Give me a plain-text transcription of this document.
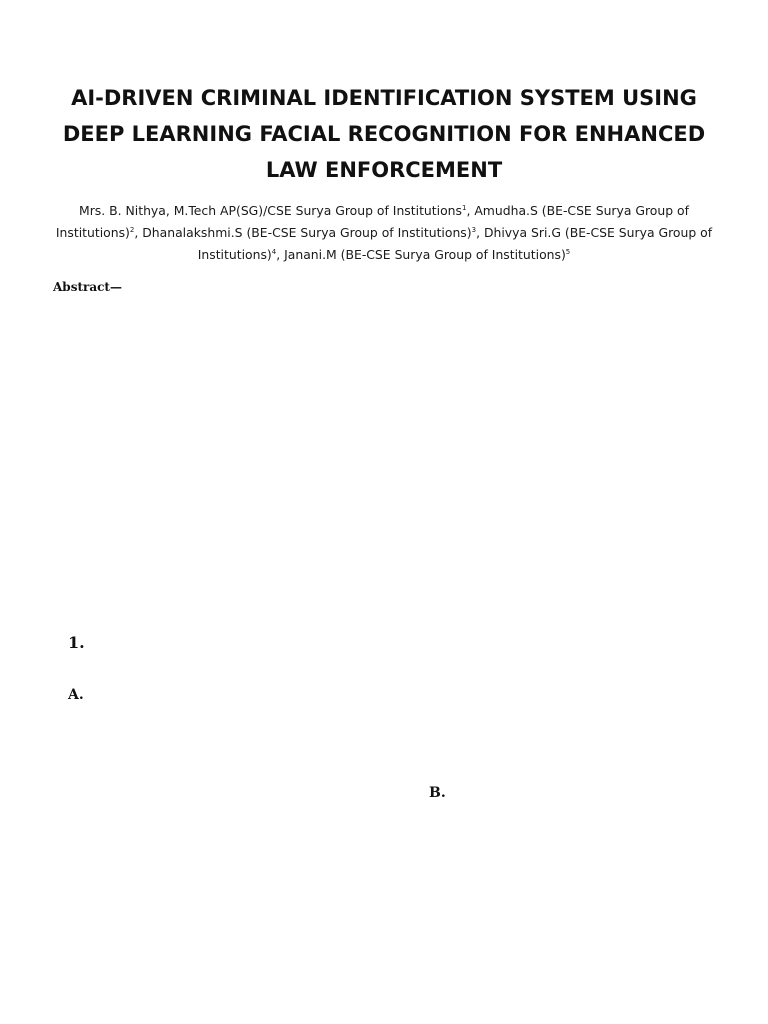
AI-DRIVEN CRIMINAL IDENTIFICATION SYSTEM USING DEEP LEARNING FACIAL RECOGNITION FOR ENHANCED LAW ENFORCEMENT

Mrs. B. Nithya, M.Tech AP(SG)/CSE Surya Group of Institutions$^1$, Amudha.S (BE-CSE Surya Group of Institutions)$^2$, Dhanalakshmi.S (BE-CSE Surya Group of Institutions)$^3$, Dhivya Sri.G (BE-CSE Surya Group of Institutions)$^4$, Janani.M (BE-CSE Surya Group of Institutions)$^5$

Abstract—

1.

A.

B.
